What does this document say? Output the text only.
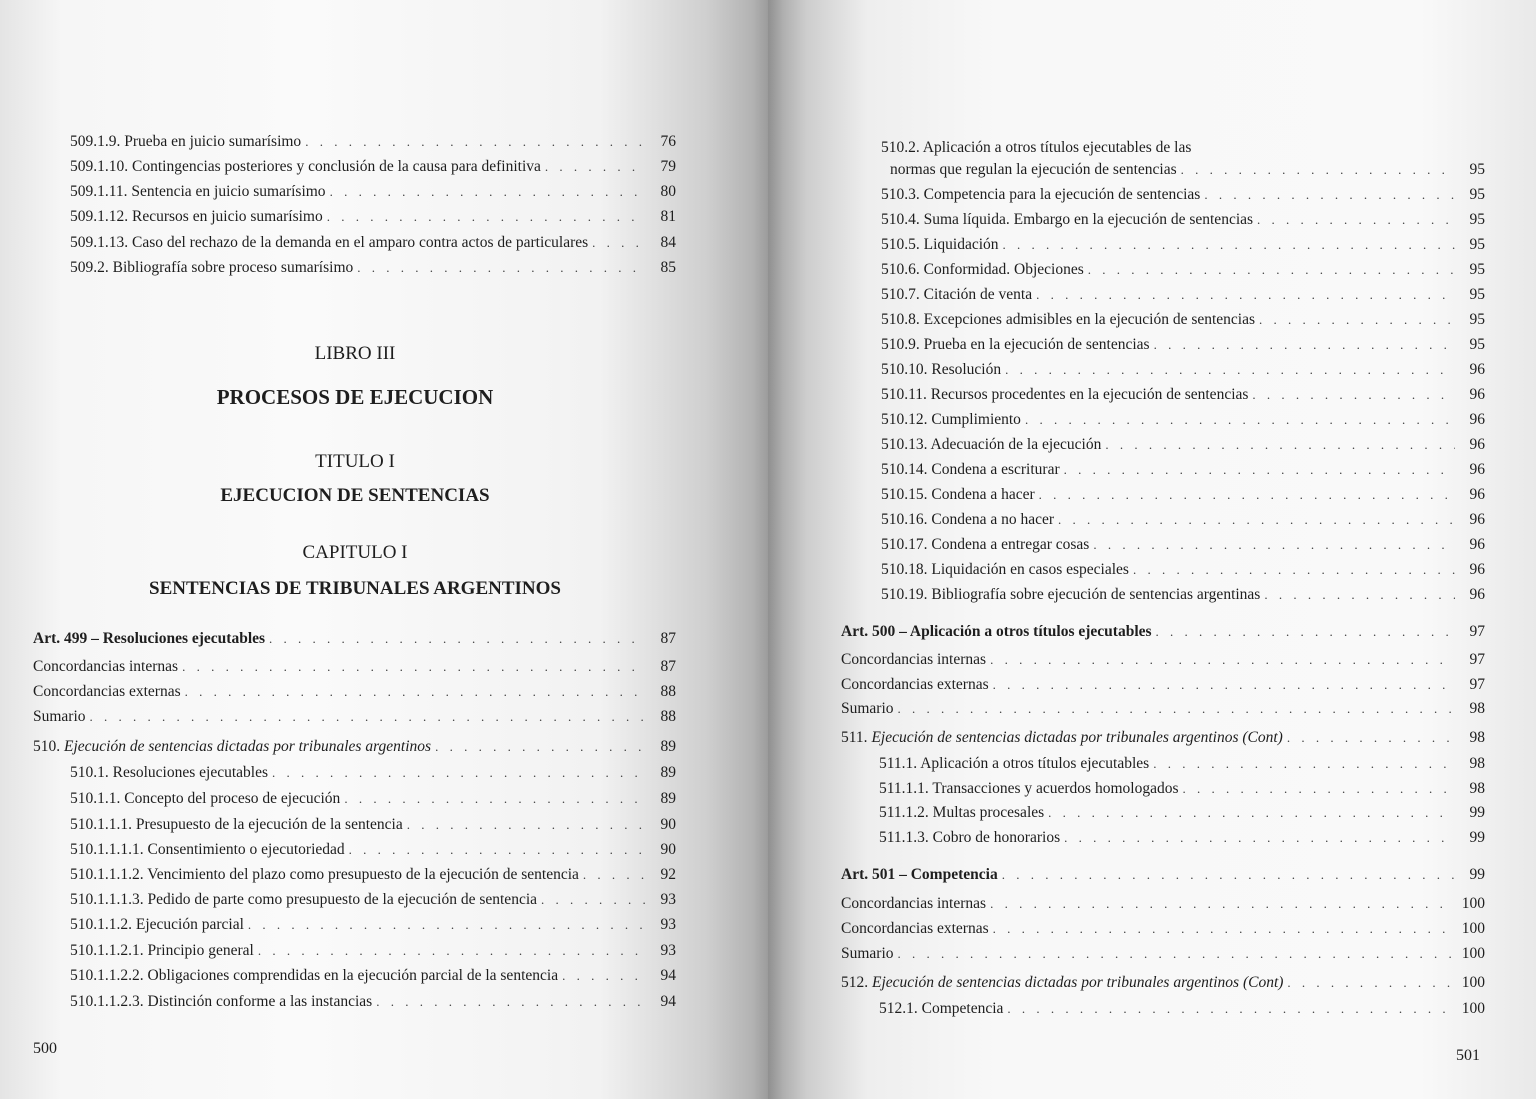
509.1.9. Prueba en juicio sumarísimo . . .	76
509.1.10. Contingencias posteriores y conclusión de la causa para definitiva . . .	79
509.1.11. Sentencia en juicio sumarísimo . . .	80
509.1.12. Recursos en juicio sumarísimo . . .	81
509.1.13. Caso del rechazo de la demanda en el amparo contra actos de particulares . . .	84
509.2. Bibliografía sobre proceso sumarísimo . . .	85
LIBRO III
PROCESOS DE EJECUCION
TITULO I
EJECUCION DE SENTENCIAS
CAPITULO I
SENTENCIAS DE TRIBUNALES ARGENTINOS
Art. 499 – Resoluciones ejecutables . . .	87
Concordancias internas . . .	87
Concordancias externas . . .	88
Sumario . . .	88
510. Ejecución de sentencias dictadas por tribunales argentinos . . .	89
510.1. Resoluciones ejecutables . . .	89
510.1.1. Concepto del proceso de ejecución . . .	89
510.1.1.1. Presupuesto de la ejecución de la sentencia . . .	90
510.1.1.1.1. Consentimiento o ejecutoriedad . . .	90
510.1.1.1.2. Vencimiento del plazo como presupuesto de la ejecución de sentencia . . .	92
510.1.1.1.3. Pedido de parte como presupuesto de la ejecución de sentencia . . .	93
510.1.1.2. Ejecución parcial . . .	93
510.1.1.2.1. Principio general . . .	93
510.1.1.2.2. Obligaciones comprendidas en la ejecución parcial de la sentencia . . .	94
510.1.1.2.3. Distinción conforme a las instancias . . .	94
500
510.2. Aplicación a otros títulos ejecutables de las
normas que regulan la ejecución de sentencias . . .	95
510.3. Competencia para la ejecución de sentencias . . .	95
510.4. Suma líquida. Embargo en la ejecución de sentencias . . .	95
510.5. Liquidación . . .	95
510.6. Conformidad. Objeciones . . .	95
510.7. Citación de venta . . .	95
510.8. Excepciones admisibles en la ejecución de sentencias . . .	95
510.9. Prueba en la ejecución de sentencias . . .	95
510.10. Resolución . . .	96
510.11. Recursos procedentes en la ejecución de sentencias . . .	96
510.12. Cumplimiento . . .	96
510.13. Adecuación de la ejecución . . .	96
510.14. Condena a escriturar . . .	96
510.15. Condena a hacer . . .	96
510.16. Condena a no hacer . . .	96
510.17. Condena a entregar cosas . . .	96
510.18. Liquidación en casos especiales . . .	96
510.19. Bibliografía sobre ejecución de sentencias argentinas . . .	96
Art. 500 – Aplicación a otros títulos ejecutables . . .	97
Concordancias internas . . .	97
Concordancias externas . . .	97
Sumario . . .	98
511. Ejecución de sentencias dictadas por tribunales argentinos (Cont) . . .	98
511.1. Aplicación a otros títulos ejecutables . . .	98
511.1.1. Transacciones y acuerdos homologados . . .	98
511.1.2. Multas procesales . . .	99
511.1.3. Cobro de honorarios . . .	99
Art. 501 – Competencia . . .	99
Concordancias internas . . .	100
Concordancias externas . . .	100
Sumario . . .	100
512. Ejecución de sentencias dictadas por tribunales argentinos (Cont) . . .	100
512.1. Competencia . . .	100
501
